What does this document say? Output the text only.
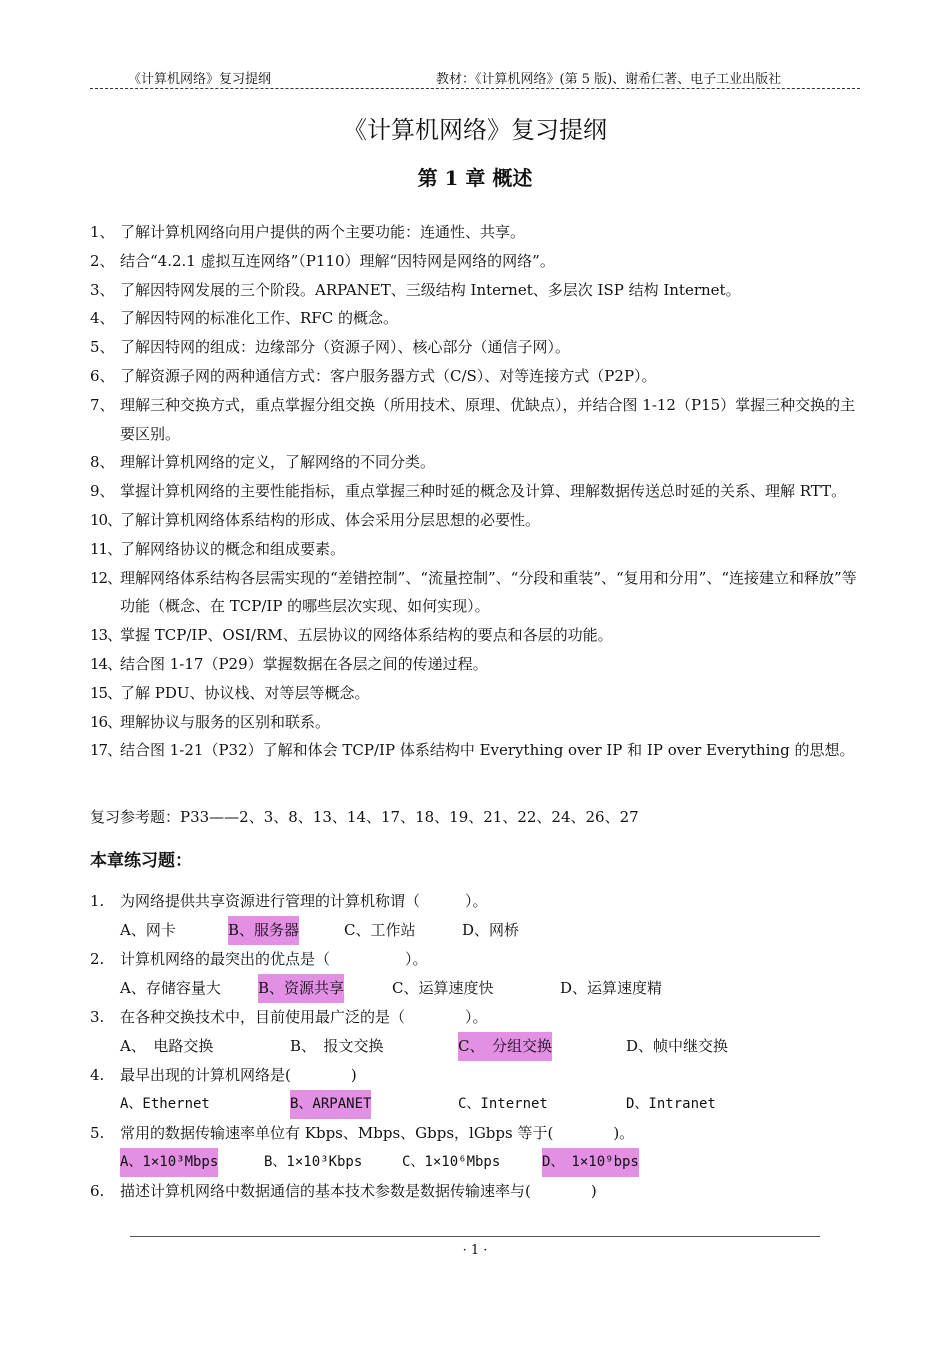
《计算机网络》复习提纲	教材：《计算机网络》(第 5 版)、谢希仁著、电子工业出版社
《计算机网络》复习提纲
第 1 章 概述
1、 了解计算机网络向用户提供的两个主要功能：连通性、共享。
2、 结合“4.2.1 虚拟互连网络”（P110）理解“因特网是网络的网络”。
3、 了解因特网发展的三个阶段。ARPANET、三级结构 Internet、多层次 ISP 结构 Internet。
4、 了解因特网的标准化工作、RFC 的概念。
5、 了解因特网的组成：边缘部分（资源子网）、核心部分（通信子网）。
6、 了解资源子网的两种通信方式：客户服务器方式（C/S）、对等连接方式（P2P）。
7、 理解三种交换方式，重点掌握分组交换（所用技术、原理、优缺点），并结合图 1-12（P15）掌握三种交换的主要区别。
8、 理解计算机网络的定义，了解网络的不同分类。
9、 掌握计算机网络的主要性能指标，重点掌握三种时延的概念及计算、理解数据传送总时延的关系、理解 RTT。
10、
了解计算机网络体系结构的形成、体会采用分层思想的必要性。
11、
了解网络协议的概念和组成要素。
12、
理解网络体系结构各层需实现的“差错控制”、“流量控制”、“分段和重装”、“复用和分用”、“连接建立和释放”等功能（概念、在 TCP/IP 的哪些层次实现、如何实现）。
13、
掌握 TCP/IP、OSI/RM、五层协议的网络体系结构的要点和各层的功能。
14、
结合图 1-17（P29）掌握数据在各层之间的传递过程。
15、
了解 PDU、协议栈、对等层等概念。
16、
理解协议与服务的区别和联系。
17、
结合图 1-21（P32）了解和体会 TCP/IP 体系结构中 Everything over IP 和 IP over Everything 的思想。
复习参考题：P33——2、3、8、13、14、17、18、19、21、22、24、26、27
本章练习题：
1. 为网络提供共享资源进行管理的计算机称谓（　　　）。
A、网卡	B、服务器	C、工作站	D、网桥
2. 计算机网络的最突出的优点是（　　　　　）。
A、存储容量大 B、资源共享	C、运算速度快	D、运算速度精
3. 在各种交换技术中，目前使用最广泛的是（　　　　）。
A、　电路交换	B、　报文交换	C、　分组交换	D、帧中继交换
4. 最早出现的计算机网络是(　　　　)
A、Ethernet	B、ARPANET	C、Internet	D、Intranet
5. 常用的数据传输速率单位有 Kbps、Mbps、Gbps，lGbps 等于(　　　　)。
A、1×10³Mbps	B、1×10³Kbps	C、1×10⁶Mbps	D、　1×10⁹bps
6. 描述计算机网络中数据通信的基本技术参数是数据传输速率与(　　　　)
· 1 ·
